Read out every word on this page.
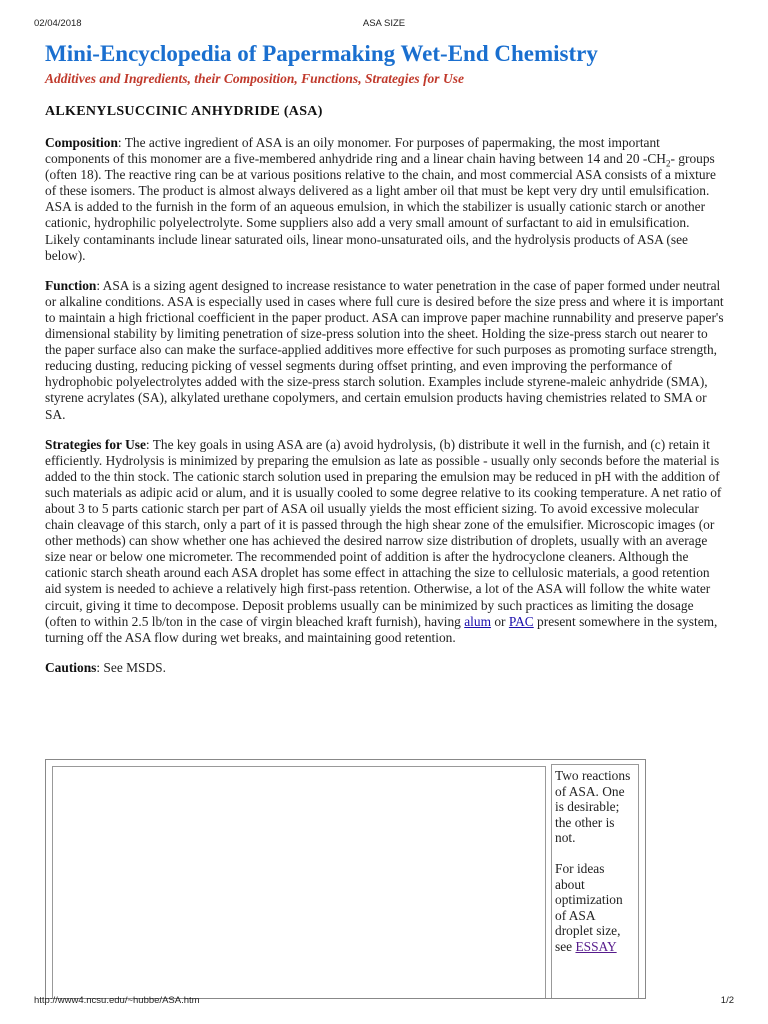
02/04/2018	ASA SIZE
Mini-Encyclopedia of Papermaking Wet-End Chemistry
Additives and Ingredients, their Composition, Functions, Strategies for Use
ALKENYLSUCCINIC ANHYDRIDE (ASA)

Composition: The active ingredient of ASA is an oily monomer. For purposes of papermaking, the most important components of this monomer are a five-membered anhydride ring and a linear chain having between 14 and 20 $-CH_2-$ groups (often 18). The reactive ring can be at various positions relative to the chain, and most commercial ASA consists of a mixture of these isomers. The product is almost always delivered as a light amber oil that must be kept very dry until emulsification. ASA is added to the furnish in the form of an aqueous emulsion, in which the stabilizer is usually cationic starch or another cationic, hydrophilic polyelectrolyte. Some suppliers also add a very small amount of surfactant to aid in emulsification. Likely contaminants include linear saturated oils, linear mono-unsaturated oils, and the hydrolysis products of ASA (see below).

Function: ASA is a sizing agent designed to increase resistance to water penetration in the case of paper formed under neutral or alkaline conditions. ASA is especially used in cases where full cure is desired before the size press and where it is important to maintain a high frictional coefficient in the paper product. ASA can improve paper machine runnability and preserve paper's dimensional stability by limiting penetration of size-press solution into the sheet. Holding the size-press starch out nearer to the paper surface also can make the surface-applied additives more effective for such purposes as promoting surface strength, reducing dusting, reducing picking of vessel segments during offset printing, and even improving the performance of hydrophobic polyelectrolytes added with the size-press starch solution. Examples include styrene-maleic anhydride (SMA), styrene acrylates (SA), alkylated urethane copolymers, and certain emulsion products having chemistries related to SMA or SA.

Strategies for Use: The key goals in using ASA are (a) avoid hydrolysis, (b) distribute it well in the furnish, and (c) retain it efficiently. Hydrolysis is minimized by preparing the emulsion as late as possible - usually only seconds before the material is added to the thin stock. The cationic starch solution used in preparing the emulsion may be reduced in pH with the addition of such materials as adipic acid or alum, and it is usually cooled to some degree relative to its cooking temperature. A net ratio of about 3 to 5 parts cationic starch per part of ASA oil usually yields the most efficient sizing. To avoid excessive molecular chain cleavage of this starch, only a part of it is passed through the high shear zone of the emulsifier. Microscopic images (or other methods) can show whether one has achieved the desired narrow size distribution of droplets, usually with an average size near or below one micrometer. The recommended point of addition is after the hydrocyclone cleaners. Although the cationic starch sheath around each ASA droplet has some effect in attaching the size to cellulosic materials, a good retention aid system is needed to achieve a relatively high first-pass retention. Otherwise, a lot of the ASA will follow the white water circuit, giving it time to decompose. Deposit problems usually can be minimized by such practices as limiting the dosage (often to within 2.5 lb/ton in the case of virgin bleached kraft furnish), having alum or PAC present somewhere in the system, turning off the ASA flow during wet breaks, and maintaining good retention.

Cautions: See MSDS.

Two reactions of ASA. One is desirable; the other is not.

For ideas about optimization of ASA droplet size, see ESSAY

http://www4.ncsu.edu/~hubbe/ASA.htm	1/2
